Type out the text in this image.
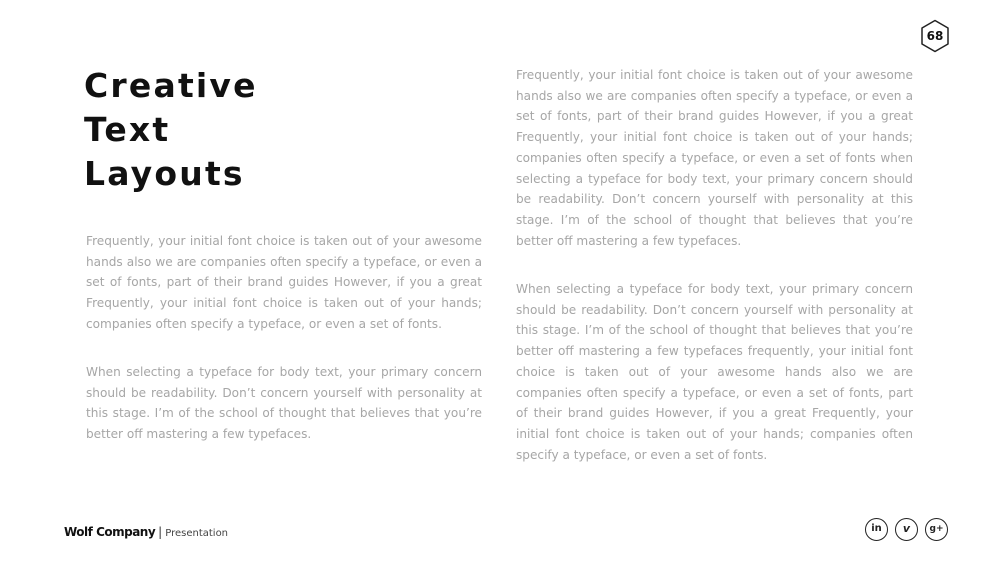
68
Creative
Text
Layouts

Frequently, your initial font choice is taken out of your awesome hands also we are companies often specify a typeface, or even a set of fonts, part of their brand guides However, if you a great Frequently, your initial font choice is taken out of your hands; companies often specify a typeface, or even a set of fonts.

When selecting a typeface for body text, your primary concern should be readability. Don’t concern yourself with personality at this stage. I’m of the school of thought that believes that you’re better off mastering a few typefaces.

Frequently, your initial font choice is taken out of your awesome hands also we are companies often specify a typeface, or even a set of fonts, part of their brand guides However, if you a great Frequently, your initial font choice is taken out of your hands; companies often specify a typeface, or even a set of fonts when selecting a typeface for body text, your primary concern should be readability. Don’t concern yourself with personality at this stage. I’m of the school of thought that believes that you’re better off mastering a few typefaces.

When selecting a typeface for body text, your primary concern should be readability. Don’t concern yourself with personality at this stage. I’m of the school of thought that believes that you’re better off mastering a few typefaces frequently, your initial font choice is taken out of your awesome hands also we are companies often specify a typeface, or even a set of fonts, part of their brand guides However, if you a great Frequently, your initial font choice is taken out of your hands; companies often specify a typeface, or even a set of fonts.

Wolf Company | Presentation	in	v	g+
